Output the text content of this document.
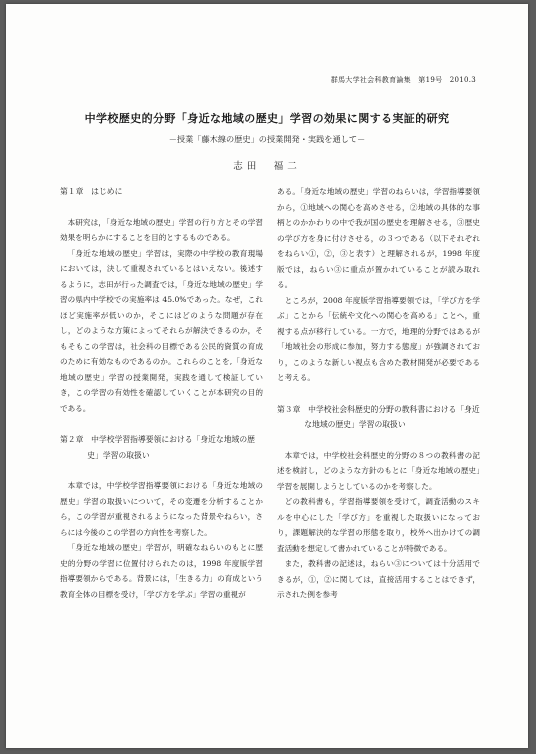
群馬大学社会科教育論集　第19号　2010.3
中学校歴史的分野「身近な地域の歴史」学習の効果に関する実証的研究
－授業「藤木線の歴史」の授業開発・実践を通して－
志田　福二
第１章　はじめに

本研究は，「身近な地域の歴史」学習の行り方とその学習効果を明らかにすることを目的とするものである。

「身近な地域の歴史」学習は，実際の中学校の教育現場においては，決して重視されているとはいえない。後述するように，志田が行った調査では，「身近な地域の歴史」学習の県内中学校での実施率は 45.0%であった。なぜ，これほど実施率が低いのか，そこにはどのような問題が存在し，どのような方策によってそれらが解決できるのか，そもそもこの学習は，社会科の目標である公民的資質の育成のために有効なものであるのか。これらのことを,「身近な地域の歴史」学習の授業開発，実践を通して検証していき，この学習の有効性を確認していくことが本研究の目的である。

第２章　中学校学習指導要領における「身近な地域の歴史」学習の取扱い

本章では，中学校学習指導要領における「身近な地域の歴史」学習の取扱いについて，その変遷を分析することから，この学習が重視されるようになった背景やねらい，さらには今後のこの学習の方向性を考察した。

「身近な地域の歴史」学習が，明確なねらいのもとに歴史的分野の学習に位置付けられたのは，1998 年度版学習指導要領からである。背景には，「生きる力」の育成という教育全体の目標を受け，「学び方を学ぶ」学習の重視が

ある。「身近な地域の歴史」学習のねらいは，学習指導要領から，①地域への関心を高めさせる，②地域の具体的な事柄とのかかわりの中で我が国の歴史を理解させる，③歴史の学び方を身に付けさせる，の３つである（以下それぞれをねらい①，②，③と表す）と理解されるが，1998 年度版では，ねらい③に重点が置かれていることが読み取れる。

ところが，2008 年度版学習指導要領では，「学び方を学ぶ」ことから「伝統や文化への関心を高める」ことへ，重視する点が移行している。一方で，地理的分野ではあるが「地域社会の形成に参加，努力する態度」が強調されており，このような新しい視点も含めた教材開発が必要であると考える。

第３章　中学校社会科歴史的分野の教科書における「身近な地域の歴史」学習の取扱い

本章では，中学校社会科歴史的分野の８つの教科書の記述を検討し，どのような方針のもとに「身近な地域の歴史」学習を展開しようとしているのかを考察した。

どの教科書も，学習指導要領を受けて，調査活動のスキルを中心にした「学び方」を重視した取扱いになっており，課題解決的な学習の形態を取り，校外へ出かけての調査活動を想定して書かれていることが特徴である。

また，教科書の記述は，ねらい③については十分活用できるが，①，②に関しては，直接活用することはできず，示された例を参考
